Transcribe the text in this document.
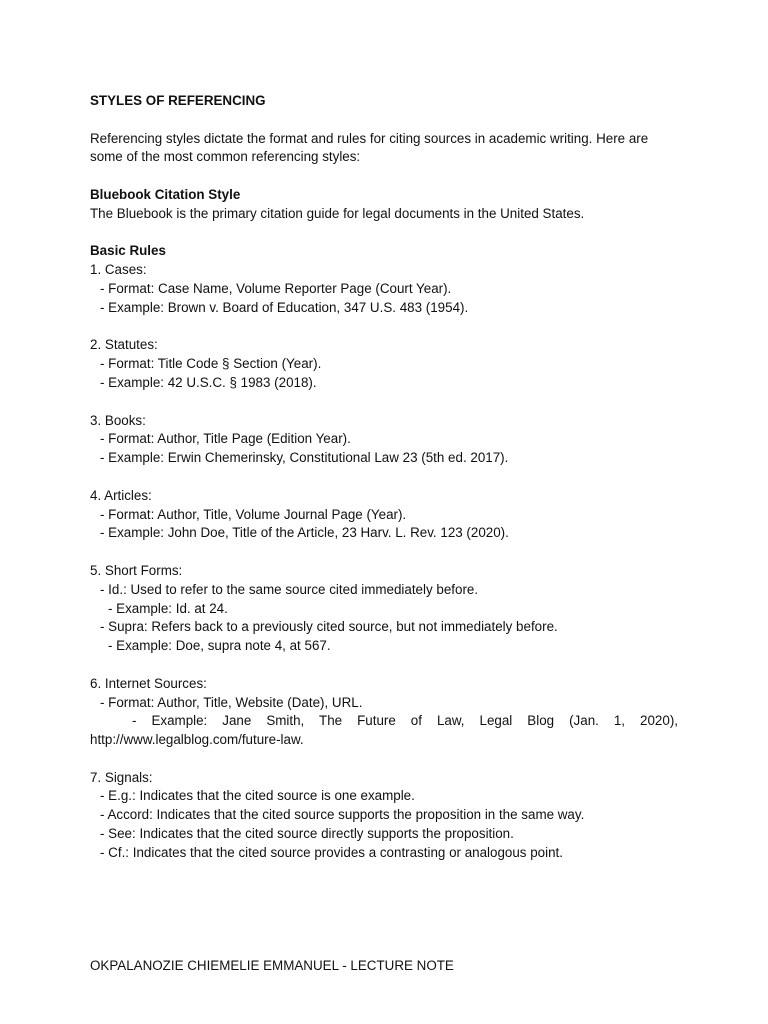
STYLES OF REFERENCING
Referencing styles dictate the format and rules for citing sources in academic writing. Here are
some of the most common referencing styles:
Bluebook Citation Style
The Bluebook is the primary citation guide for legal documents in the United States.
Basic Rules
1. Cases:
- Format: Case Name, Volume Reporter Page (Court Year).
- Example: Brown v. Board of Education, 347 U.S. 483 (1954).
2. Statutes:
- Format: Title Code § Section (Year).
- Example: 42 U.S.C. § 1983 (2018).
3. Books:
- Format: Author, Title Page (Edition Year).
- Example: Erwin Chemerinsky, Constitutional Law 23 (5th ed. 2017).
4. Articles:
- Format: Author, Title, Volume Journal Page (Year).
- Example: John Doe, Title of the Article, 23 Harv. L. Rev. 123 (2020).
5. Short Forms:
- Id.: Used to refer to the same source cited immediately before.
- Example: Id. at 24.
- Supra: Refers back to a previously cited source, but not immediately before.
- Example: Doe, supra note 4, at 567.
6. Internet Sources:
- Format: Author, Title, Website (Date), URL.
- Example: Jane Smith, The Future of Law, Legal Blog (Jan. 1, 2020),
http://www.legalblog.com/future-law.
7. Signals:
- E.g.: Indicates that the cited source is one example.
- Accord: Indicates that the cited source supports the proposition in the same way.
- See: Indicates that the cited source directly supports the proposition.
- Cf.: Indicates that the cited source provides a contrasting or analogous point.
OKPALANOZIE CHIEMELIE EMMANUEL - LECTURE NOTE
